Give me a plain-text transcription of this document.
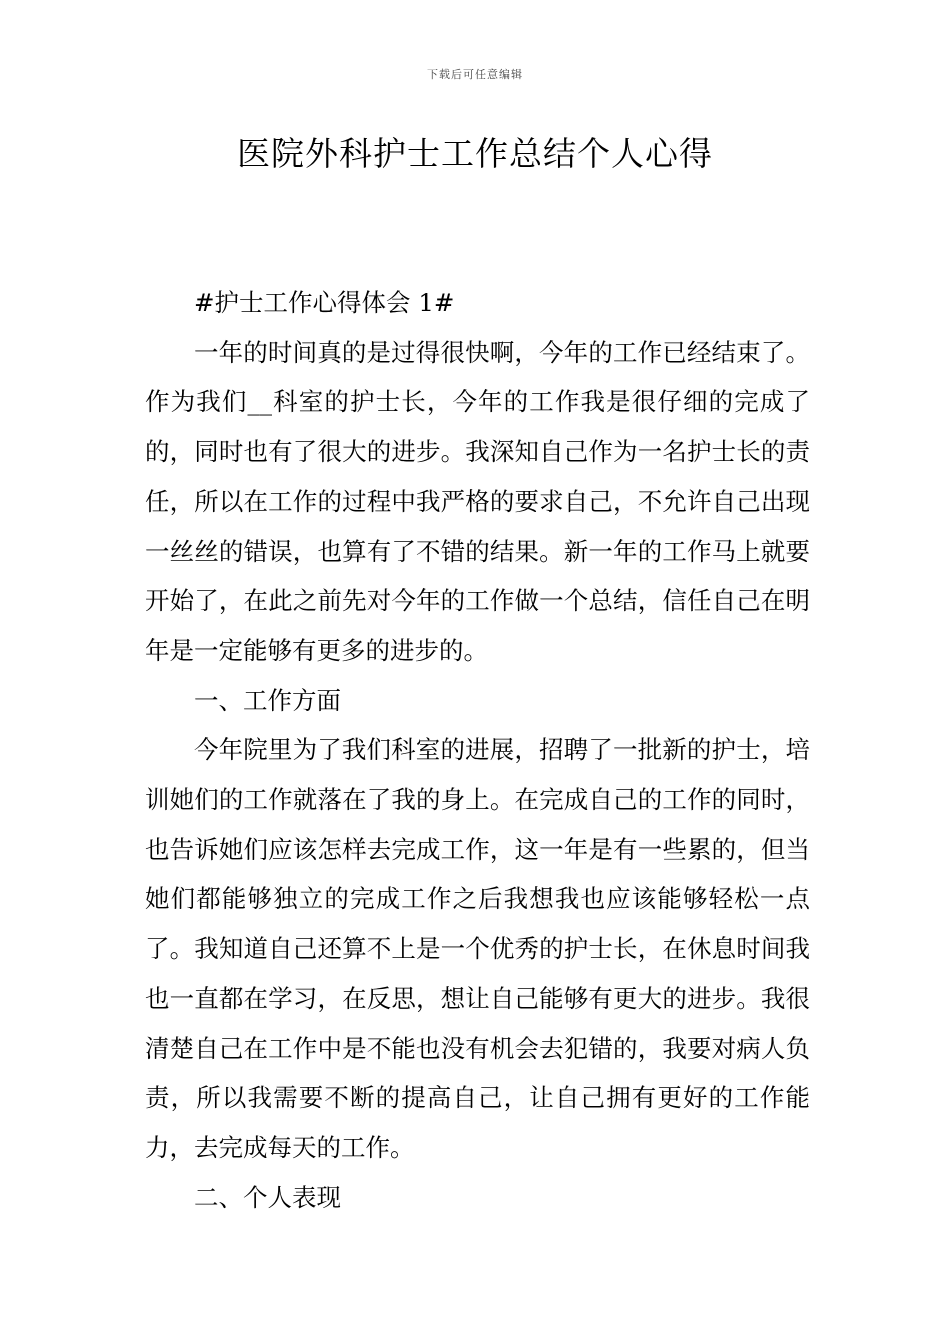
下载后可任意编辑
医院外科护士工作总结个人心得

#护士工作心得体会 1#

一年的时间真的是过得很快啊，今年的工作已经结束了。作为我们__科室的护士长，今年的工作我是很仔细的完成了的，同时也有了很大的进步。我深知自己作为一名护士长的责任，所以在工作的过程中我严格的要求自己，不允许自己出现一丝丝的错误，也算有了不错的结果。新一年的工作马上就要开始了，在此之前先对今年的工作做一个总结，信任自己在明年是一定能够有更多的进步的。

一、工作方面

今年院里为了我们科室的进展，招聘了一批新的护士，培训她们的工作就落在了我的身上。在完成自己的工作的同时，也告诉她们应该怎样去完成工作，这一年是有一些累的，但当她们都能够独立的完成工作之后我想我也应该能够轻松一点了。我知道自己还算不上是一个优秀的护士长，在休息时间我也一直都在学习，在反思，想让自己能够有更大的进步。我很清楚自己在工作中是不能也没有机会去犯错的，我要对病人负责，所以我需要不断的提高自己，让自己拥有更好的工作能力，去完成每天的工作。

二、个人表现
